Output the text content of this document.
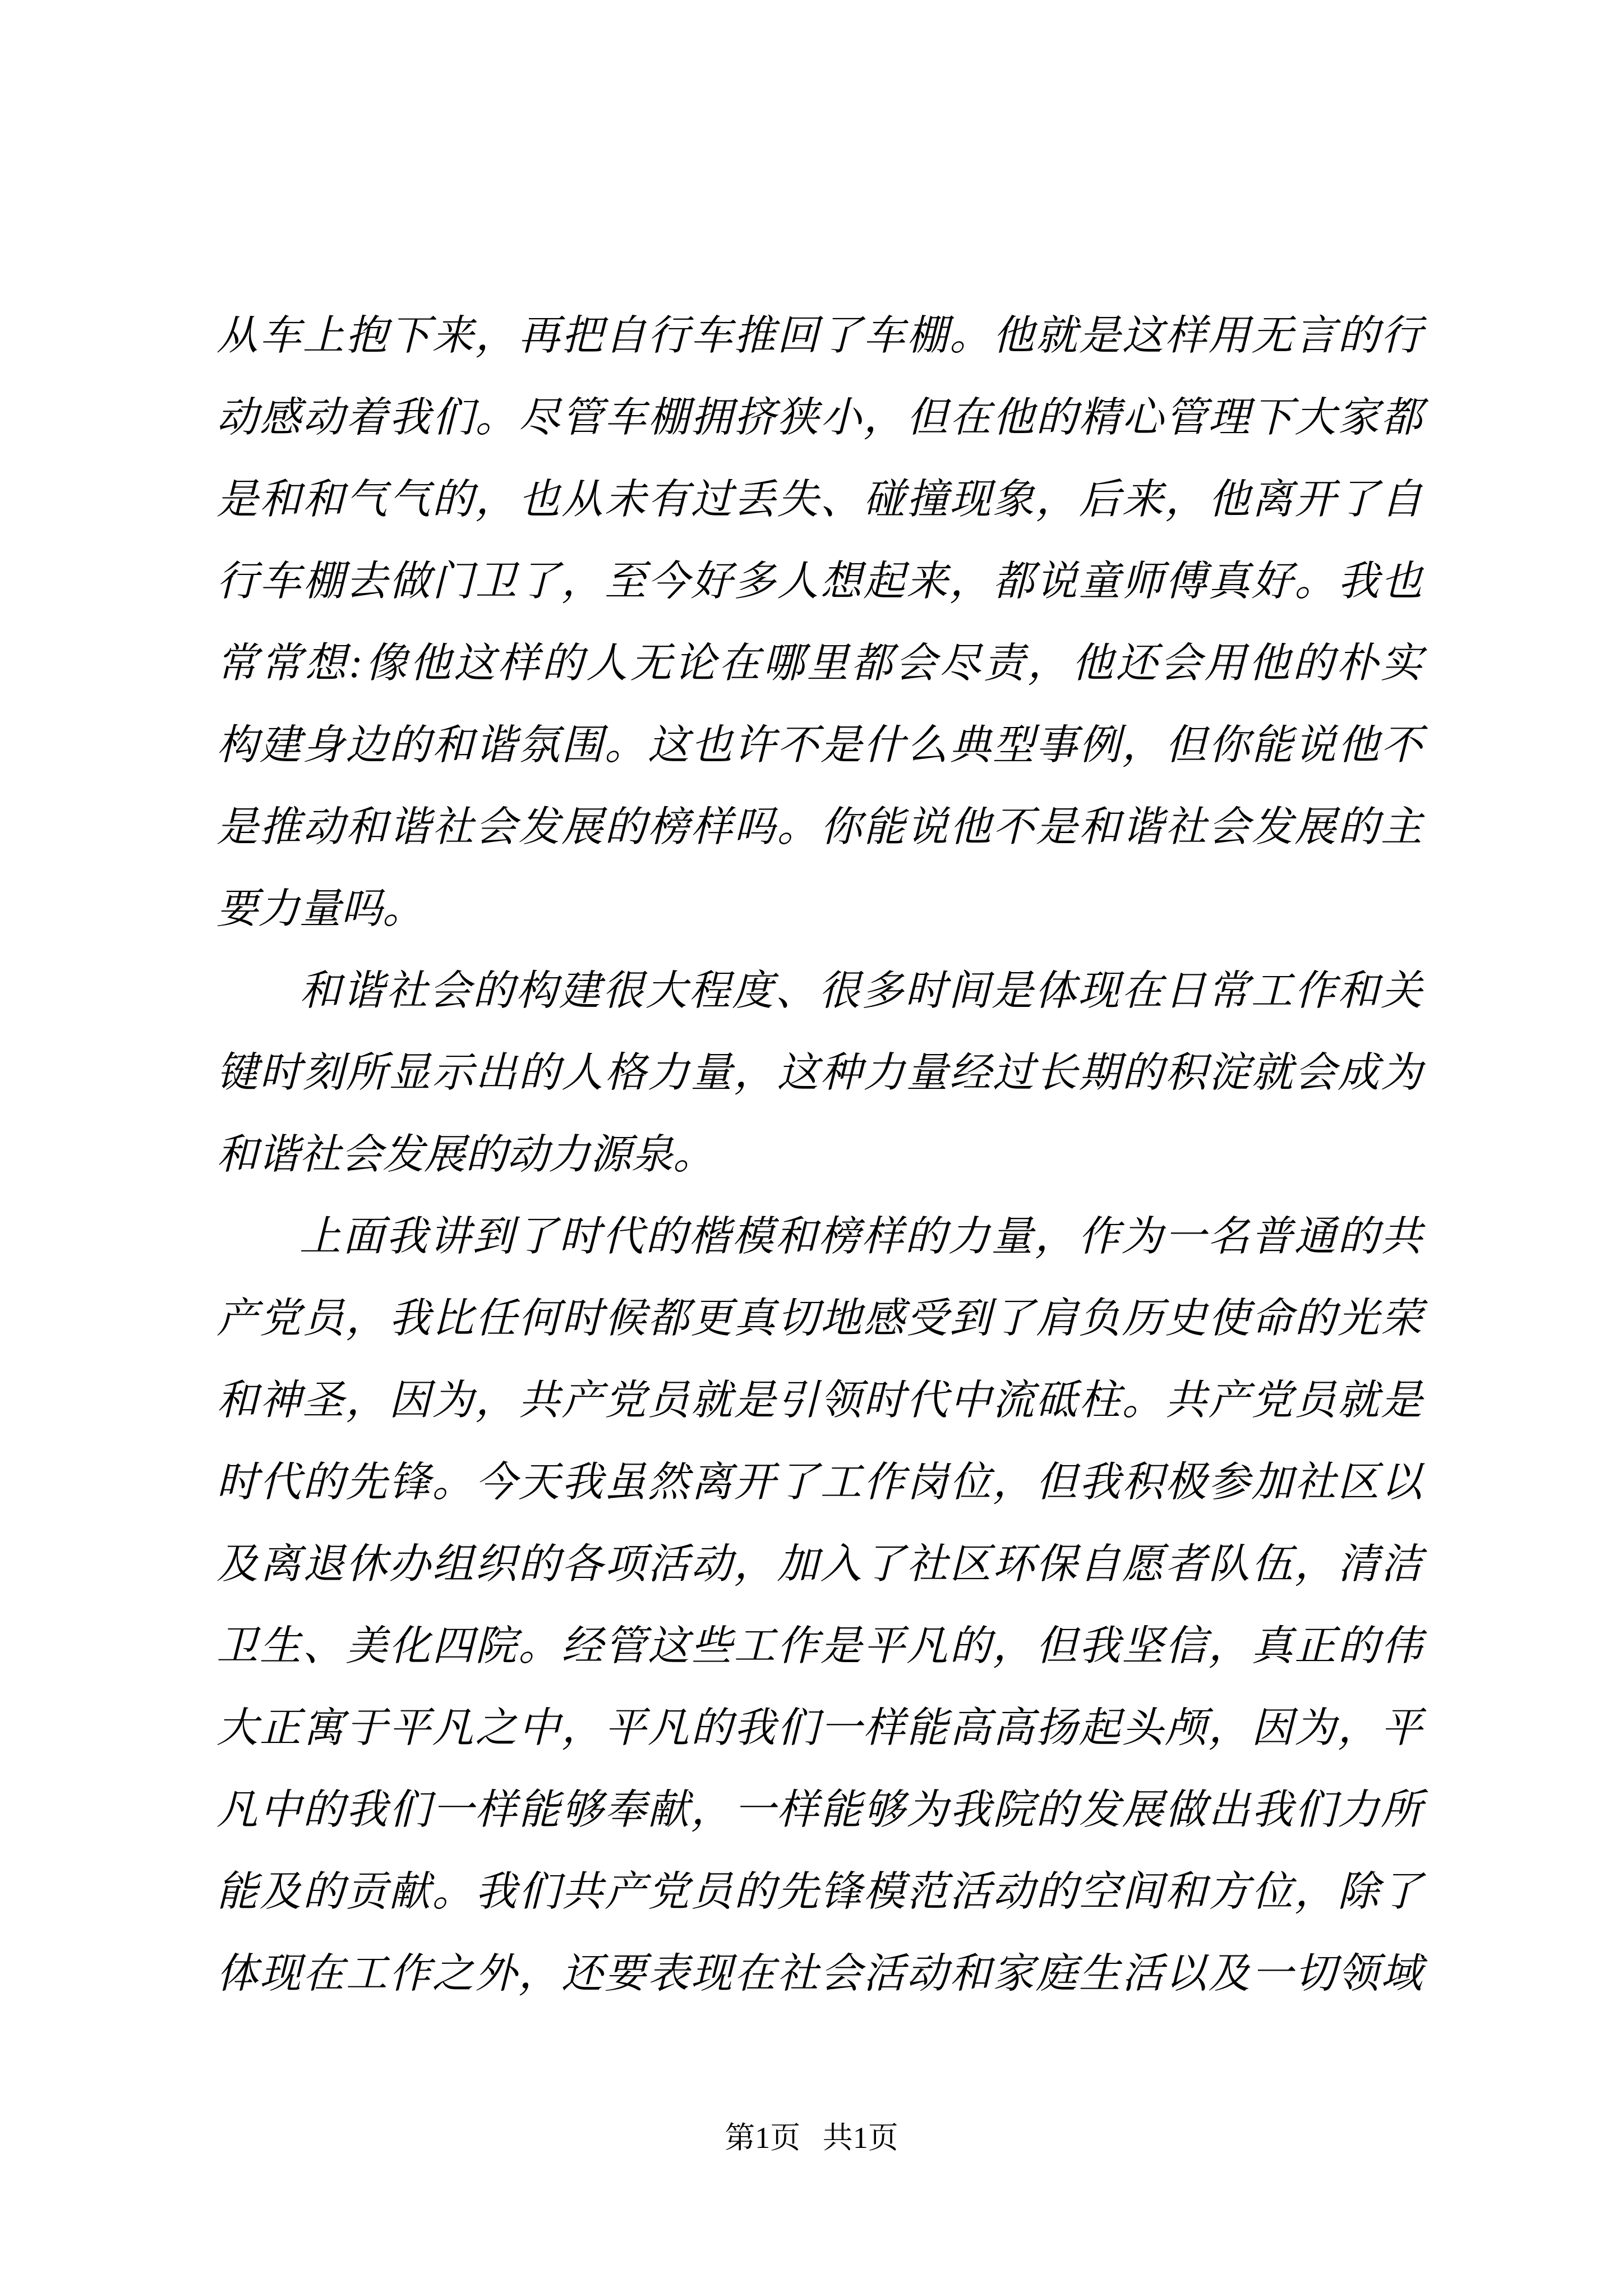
从车上抱下来，再把自行车推回了车棚。他就是这样用无言的行
动感动着我们。尽管车棚拥挤狭小，但在他的精心管理下大家都
是和和气气的，也从未有过丢失、碰撞现象，后来，他离开了自
行车棚去做门卫了，至今好多人想起来，都说童师傅真好。我也
常常想:像他这样的人无论在哪里都会尽责，他还会用他的朴实
构建身边的和谐氛围。这也许不是什么典型事例，但你能说他不
是推动和谐社会发展的榜样吗。你能说他不是和谐社会发展的主
要力量吗。
和谐社会的构建很大程度、很多时间是体现在日常工作和关
键时刻所显示出的人格力量，这种力量经过长期的积淀就会成为
和谐社会发展的动力源泉。
上面我讲到了时代的楷模和榜样的力量，作为一名普通的共
产党员，我比任何时候都更真切地感受到了肩负历史使命的光荣
和神圣，因为，共产党员就是引领时代中流砥柱。共产党员就是
时代的先锋。今天我虽然离开了工作岗位，但我积极参加社区以
及离退休办组织的各项活动，加入了社区环保自愿者队伍，清洁
卫生、美化四院。经管这些工作是平凡的，但我坚信，真正的伟
大正寓于平凡之中，平凡的我们一样能高高扬起头颅，因为，平
凡中的我们一样能够奉献，一样能够为我院的发展做出我们力所
能及的贡献。我们共产党员的先锋模范活动的空间和方位，除了
体现在工作之外，还要表现在社会活动和家庭生活以及一切领域
第1页 共1页
